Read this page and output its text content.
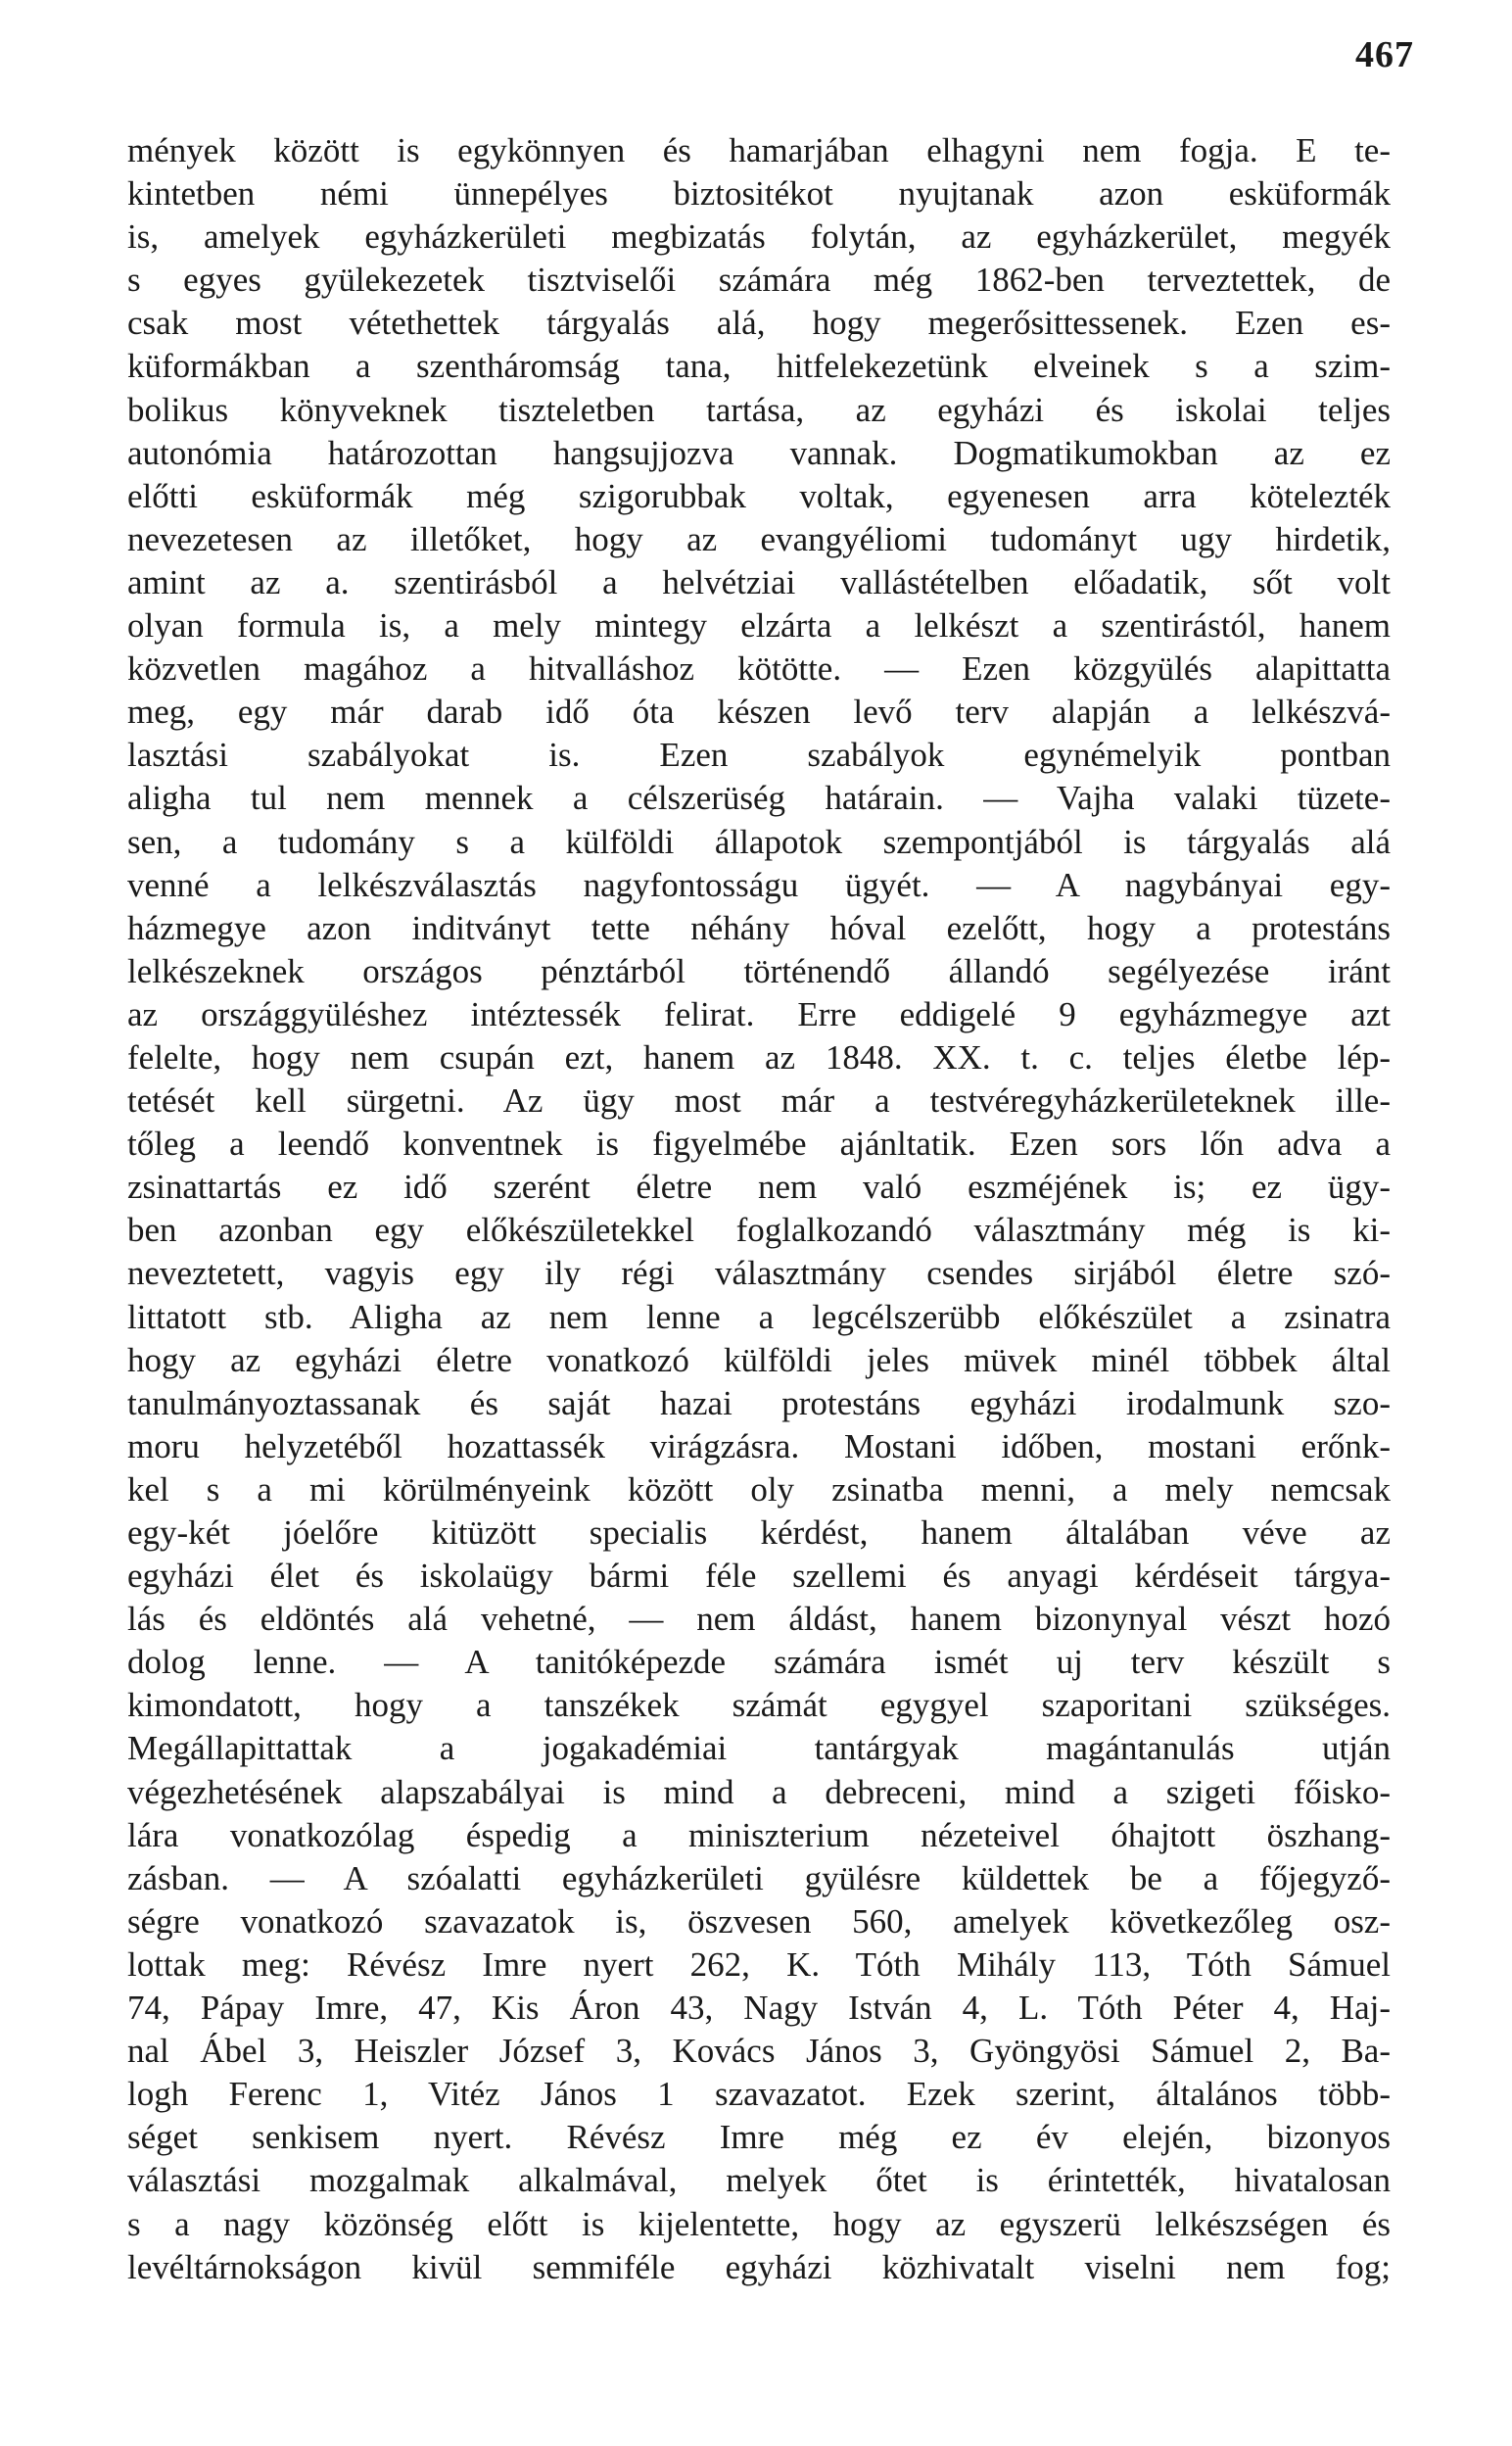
467
mények között is egykönnyen és hamarjában elhagyni nem fogja. E te-
kintetben némi ünnepélyes biztositékot nyujtanak azon esküformák
is, amelyek egyházkerületi megbizatás folytán, az egyházkerület, megyék
s egyes gyülekezetek tisztviselői számára még 1862-ben terveztettek, de
csak most vétethettek tárgyalás alá, hogy megerősittessenek. Ezen es-
küformákban a szentháromság tana, hitfelekezetünk elveinek s a szim-
bolikus könyveknek tiszteletben tartása, az egyházi és iskolai teljes
autonómia határozottan hangsujjozva vannak. Dogmatikumokban az ez
előtti esküformák még szigorubbak voltak, egyenesen arra kötelezték
nevezetesen az illetőket, hogy az evangyéliomi tudományt ugy hirdetik,
amint az a. szentirásból a helvétziai vallástételben előadatik, sőt volt
olyan formula is, a mely mintegy elzárta a lelkészt a szentirástól, hanem
közvetlen magához a hitvalláshoz kötötte. — Ezen közgyülés alapittatta
meg, egy már darab idő óta készen levő terv alapján a lelkészvá-
lasztási szabályokat is. Ezen szabályok egynémelyik pontban
aligha tul nem mennek a célszerüség határain. — Vajha valaki tüzete-
sen, a tudomány s a külföldi állapotok szempontjából is tárgyalás alá
venné a lelkészválasztás nagyfontosságu ügyét. — A nagybányai egy-
házmegye azon inditványt tette néhány hóval ezelőtt, hogy a protestáns
lelkészeknek országos pénztárból történendő állandó segélyezése iránt
az országgyüléshez intéztessék felirat. Erre eddigelé 9 egyházmegye azt
felelte, hogy nem csupán ezt, hanem az 1848. XX. t. c. teljes életbe lép-
tetését kell sürgetni. Az ügy most már a testvéregyházkerületeknek ille-
tőleg a leendő konventnek is figyelmébe ajánltatik. Ezen sors lőn adva a
zsinattartás ez idő szerént életre nem való eszméjének is; ez ügy-
ben azonban egy előkészületekkel foglalkozandó választmány még is ki-
neveztetett, vagyis egy ily régi választmány csendes sirjából életre szó-
littatott stb. Aligha az nem lenne a legcélszerübb előkészület a zsinatra
hogy az egyházi életre vonatkozó külföldi jeles müvek minél többek által
tanulmányoztassanak és saját hazai protestáns egyházi irodalmunk szo-
moru helyzetéből hozattassék virágzásra. Mostani időben, mostani erőnk-
kel s a mi körülményeink között oly zsinatba menni, a mely nemcsak
egy-két jóelőre kitüzött specialis kérdést, hanem általában véve az
egyházi élet és iskolaügy bármi féle szellemi és anyagi kérdéseit tárgya-
lás és eldöntés alá vehetné, — nem áldást, hanem bizonynyal vészt hozó
dolog lenne. — A tanitóképezde számára ismét uj terv készült s
kimondatott, hogy a tanszékek számát egygyel szaporitani szükséges.
Megállapittattak a jogakadémiai tantárgyak magántanulás utján
végezhetésének alapszabályai is mind a debreceni, mind a szigeti főisko-
lára vonatkozólag éspedig a miniszterium nézeteivel óhajtott öszhang-
zásban. — A szóalatti egyházkerületi gyülésre küldettek be a főjegyző-
ségre vonatkozó szavazatok is, öszvesen 560, amelyek következőleg osz-
lottak meg: Révész Imre nyert 262, K. Tóth Mihály 113, Tóth Sámuel
74, Pápay Imre, 47, Kis Áron 43, Nagy István 4, L. Tóth Péter 4, Haj-
nal Ábel 3, Heiszler József 3, Kovács János 3, Gyöngyösi Sámuel 2, Ba-
logh Ferenc 1, Vitéz János 1 szavazatot. Ezek szerint, általános több-
séget senkisem nyert. Révész Imre még ez év elején, bizonyos
választási mozgalmak alkalmával, melyek őtet is érintették, hivatalosan
s a nagy közönség előtt is kijelentette, hogy az egyszerü lelkészségen és
levéltárnokságon kivül semmiféle egyházi közhivatalt viselni nem fog;
